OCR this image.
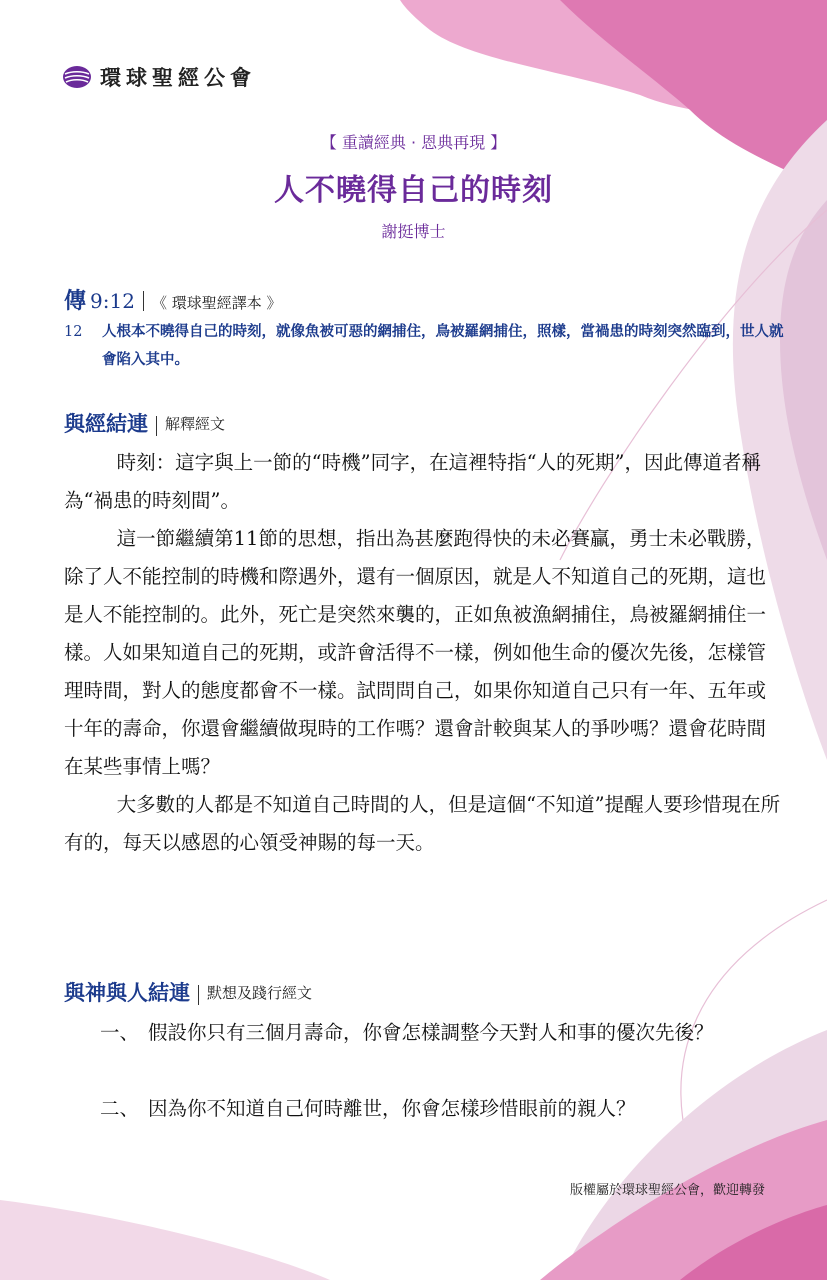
環球聖經公會
【 重讀經典 · 恩典再現 】
人不曉得自己的時刻
謝挺博士
傳 9:12 《 環球聖經譯本 》
12 人根本不曉得自己的時刻，就像魚被可惡的網捕住，鳥被羅網捕住，照樣，當禍患的時刻突然臨到，世人就會陷入其中。
與經結連 解釋經文

時刻：這字與上一節的“時機”同字，在這裡特指“人的死期”，因此傳道者稱為“禍患的時刻間”。

這一節繼續第11節的思想，指出為甚麼跑得快的未必賽贏，勇士未必戰勝，除了人不能控制的時機和際遇外，還有一個原因，就是人不知道自己的死期，這也是人不能控制的。此外，死亡是突然來襲的，正如魚被漁網捕住，鳥被羅網捕住一樣。人如果知道自己的死期，或許會活得不一樣，例如他生命的優次先後，怎樣管理時間，對人的態度都會不一樣。試問問自己，如果你知道自己只有一年、五年或十年的壽命，你還會繼續做現時的工作嗎？還會計較與某人的爭吵嗎？還會花時間在某些事情上嗎？

大多數的人都是不知道自己時間的人，但是這個“不知道”提醒人要珍惜現在所有的，每天以感恩的心領受神賜的每一天。

與神與人結連 默想及踐行經文
一、 假設你只有三個月壽命，你會怎樣調整今天對人和事的優次先後？
二、 因為你不知道自己何時離世，你會怎樣珍惜眼前的親人？
版權屬於環球聖經公會，歡迎轉發
